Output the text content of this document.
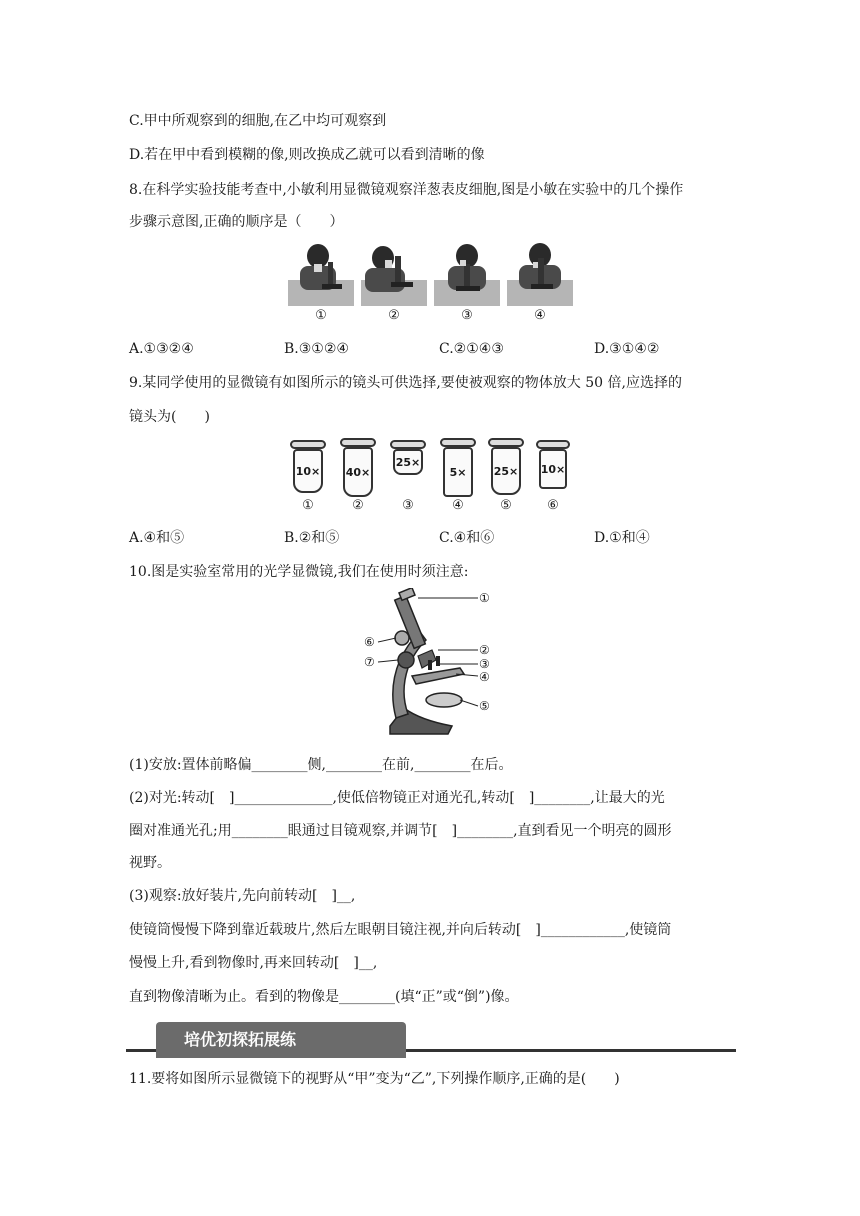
C.甲中所观察到的细胞,在乙中均可观察到
D.若在甲中看到模糊的像,则改换成乙就可以看到清晰的像
8.在科学实验技能考查中,小敏利用显微镜观察洋葱表皮细胞,图是小敏在实验中的几个操作
步骤示意图,正确的顺序是（　　）
①	②	③	④
A.①③②④	B.③①②④	C.②①④③	D.③①④②
9.某同学使用的显微镜有如图所示的镜头可供选择,要使被观察的物体放大 50 倍,应选择的
镜头为(　　)
10×
①
40×
②
25×
③
5×
④
25×
⑤
10×
⑥
A.④和⑤	B.②和⑤	C.④和⑥	D.①和④
10.图是实验室常用的光学显微镜,我们在使用时须注意:
①
②
③
④
⑤
⑥
⑦
(1)安放:置体前略偏________侧,________在前,________在后。
(2)对光:转动[　]______________,使低倍物镜正对通光孔,转动[　]________,让最大的光
圈对准通光孔;用________眼通过目镜观察,并调节[　]________,直到看见一个明亮的圆形
视野。
(3)观察:放好装片,先向前转动[　]__,
使镜筒慢慢下降到靠近载玻片,然后左眼朝目镜注视,并向后转动[　]____________,使镜筒
慢慢上升,看到物像时,再来回转动[　]__,
直到物像清晰为止。看到的物像是________(填“正”或“倒”)像。
培优初探拓展练
11.要将如图所示显微镜下的视野从“甲”变为“乙”,下列操作顺序,正确的是(　　)
